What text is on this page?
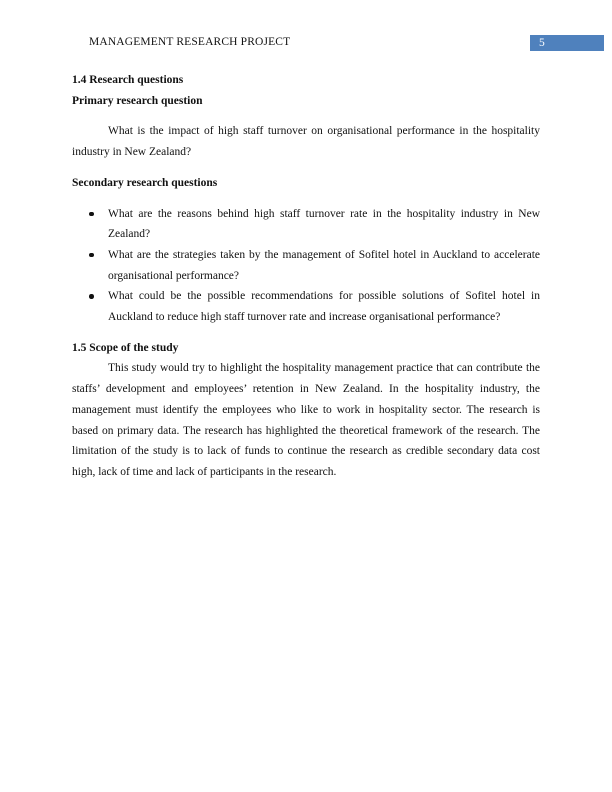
MANAGEMENT RESEARCH PROJECT	5

1.4 Research questions

Primary research question

What is the impact of high staff turnover on organisational performance in the hospitality industry in New Zealand?

Secondary research questions

What are the reasons behind high staff turnover rate in the hospitality industry in New Zealand?
What are the strategies taken by the management of Sofitel hotel in Auckland to accelerate organisational performance?
What could be the possible recommendations for possible solutions of Sofitel hotel in Auckland to reduce high staff turnover rate and increase organisational performance?

1.5 Scope of the study

This study would try to highlight the hospitality management practice that can contribute the staffs’ development and employees’ retention in New Zealand. In the hospitality industry, the management must identify the employees who like to work in hospitality sector. The research is based on primary data. The research has highlighted the theoretical framework of the research. The limitation of the study is to lack of funds to continue the research as credible secondary data cost high, lack of time and lack of participants in the research.
